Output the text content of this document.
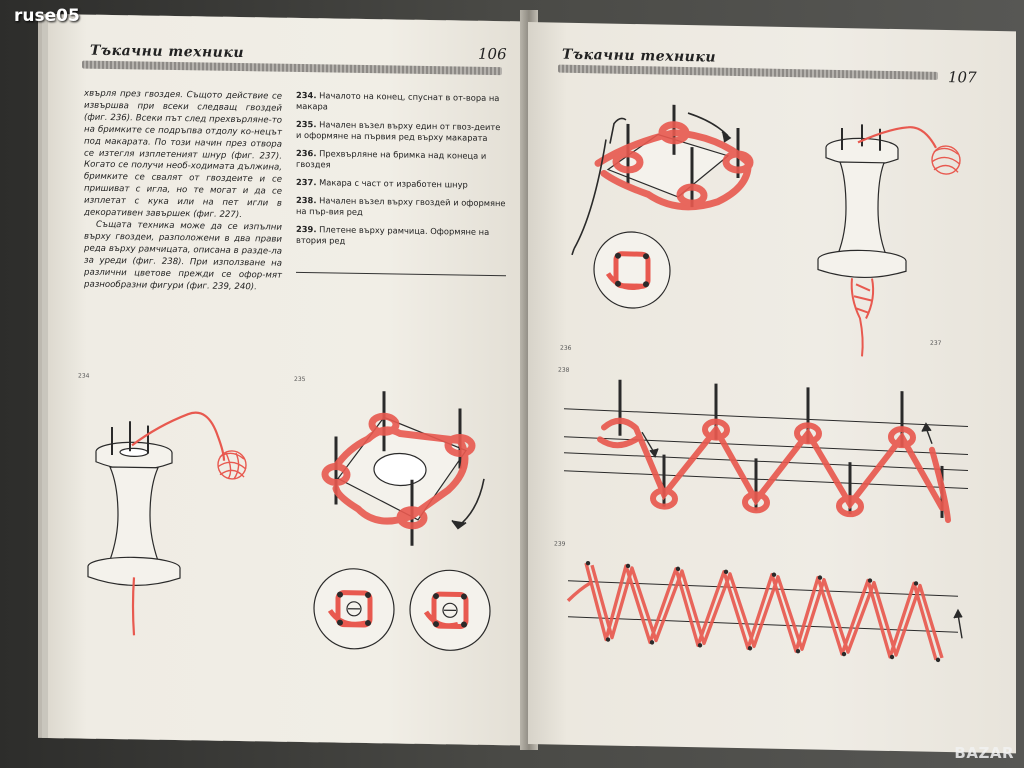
Тъкачни техники	106

хвърля през гвоздея. Същото действие се извършва при всеки следващ гвоздей (фиг. 236). Всеки път след прехвърляне-то на бримките се подръпва отдолу ко-нецът под макарата. По този начин през отвора се изтегля изплетеният шнур (фиг. 237). Когато се получи необ-ходимата дължина, бримките се свалят от гвоздеите и се пришиват с игла, но те могат и да се изплетат с кука или на пет игли в декоративен завършек (фиг. 227).

Същата техника може да се изпълни върху гвоздеи, разположени в два прави реда върху рамчицата, описана в разде-ла за уреди (фиг. 238). При използване на различни цветове прежди се офор-мят разнообразни фигури (фиг. 239, 240).

234. Началото на конец, спуснат в от-вора на макара
235. Начален възел върху един от гвоз-деите и оформяне на първия ред върху макарата
236. Прехвърляне на бримка над конеца и гвоздея
237. Макара с част от изработен шнур
238. Начален възел върху гвоздей и оформяне на пър-вия ред
239. Плетене върху рамчица. Оформяне на втория ред
234	235
Тъкачни техники
107
236
237
238
239
ruse05
BAZAR
